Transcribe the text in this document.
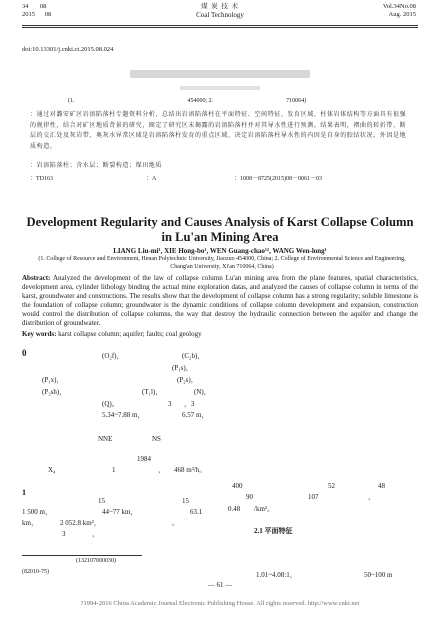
34 08
2015 08
煤 炭 技 术
Coal Technology
Vol.34No.08
Aug. 2015
doi:10.13301/j.cnki.ct.2015.08.024
(1.	454000; 2.	710064)
：通过对潞安矿区岩溶陷落柱专题资料分析，总结出岩溶陷落柱在平面特征、空间特征、发育区域、柱体岩体结构等方面具有很强的规律性，结合对矿区地质背景的研究，圈定了研究区未揭露的岩溶陷落柱并对其导水性进行预测。结果表明，褶曲的转折带、断层的交汇处及灰岩带、奥灰水异常区域是岩溶陷落柱发育的重点区域，决定岩溶陷落柱导水性的内因是自身的胶结状况，外因是地质构造。
：岩溶陷落柱；含水层；断裂构造；煤田地质
：TD163	：A	：1008－8725(2015)08－0061－03
Development Regularity and Causes Analysis of Karst Collapse Column in Lu'an Mining Area
LIANG Liu-mi¹, XIE Hong-bo¹, WEN Guang-chao¹², WANG Wen-long¹
(1. College of Resource and Environment, Henan Polytechnic University, Jiaozuo 454000, China; 2. College of Environmental Science and Engineering, Chang'an University, Xi'an 710064, China)
Abstract: Analyzed the development of the law of collapse column Lu'an mining area from the plane features, spatial characteristics, development area, cylinder lithology binding the actual mine exploration datas, and analyzed the causes of collapse column in terms of the karst, groundwater and constructions. The results show that the development of collapse column has a strong regularity; soluble limestone is the foundation of collapse column; groundwater is the dynamic conditions of collapse column development and expansion, construction would control the distribution of collapse columns, the way that destroy the hydraulic connection between the aquifer and change the distribution of groundwater.
Key words: karst collapse column; aquifer; faults; coal geology
0	(O₂f)，	(C₂b)，
(P₁s)，
(P₁x)，	(P₂s)，
(P₂sh)，	(T₁l)，	(N)，
(Q)。	3 ，3
5.34~7.88 m，	6.57 m，
NNE	NS
1984
X₄	1	， 468 m³/h。
1
15	15
1 500 m，	44~77 km，	63.1
km，	2 052.8 km²，	。
3	，
400	52	48
90	107	，
0.48 /km²。
2.1 平面特征
1.01~4.08:1，	50~100 m
(132107000030)
(82010-75)
— 61 —
?1994-2016 China Academic Journal Electronic Publishing House. All rights reserved. http://www.cnki.net
